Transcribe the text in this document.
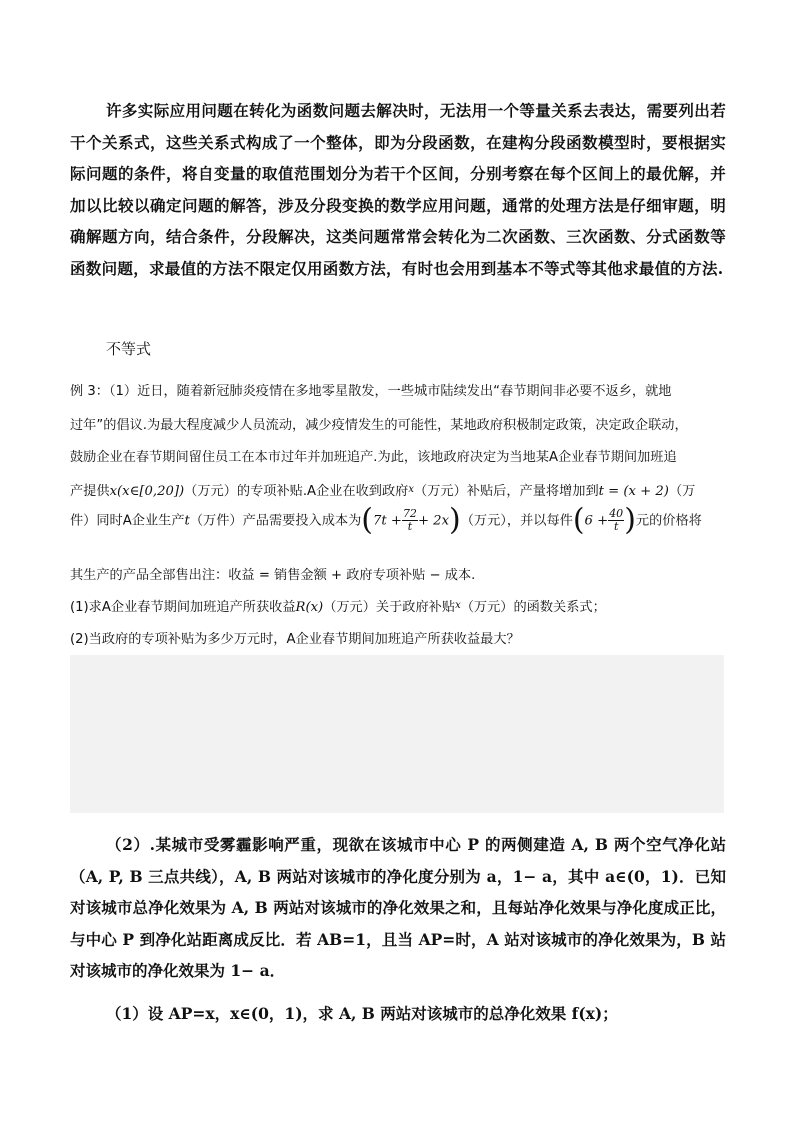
许多实际应用问题在转化为函数问题去解决时，无法用一个等量关系去表达，需要列出若干个关系式，这些关系式构成了一个整体，即为分段函数，在建构分段函数模型时，要根据实际问题的条件，将自变量的取值范围划分为若干个区间，分别考察在每个区间上的最优解，并加以比较以确定问题的解答，涉及分段变换的数学应用问题，通常的处理方法是仔细审题，明确解题方向，结合条件，分段解决，这类问题常常会转化为二次函数、三次函数、分式函数等函数问题，求最值的方法不限定仅用函数方法，有时也会用到基本不等式等其他求最值的方法.
不等式
例 3：（1）近日，随着新冠肺炎疫情在多地零星散发，一些城市陆续发出“春节期间非必要不返乡，就地
过年”的倡议.为最大程度减少人员流动，减少疫情发生的可能性，某地政府积极制定政策，决定政企联动，
鼓励企业在春节期间留住员工在本市过年并加班追产.为此，该地政府决定为当地某A企业春节期间加班追
产提供x(x∈[0,20])（万元）的专项补贴.A企业在收到政府$^x$（万元）补贴后，产量将增加到t = (x + 2)（万
件）同时A企业生产t（万件）产品需要投入成本为$(7t + \frac{72}{t} + 2x)$（万元），并以每件($6 + \frac{40}{t}$ )元的价格将
其生产的产品全部售出注：收益 = 销售金额 + 政府专项补贴 − 成本.
(1)求A企业春节期间加班追产所获收益R(x)（万元）关于政府补贴$^x$（万元）的函数关系式；
(2)当政府的专项补贴为多少万元时，A企业春节期间加班追产所获收益最大？
（2）.某城市受雾霾影响严重，现欲在该城市中心 P 的两侧建造 A, B 两个空气净化站（A, P, B 三点共线），A, B 两站对该城市的净化度分别为 a，1− a，其中 a∈(0，1)．已知对该城市总净化效果为 A, B 两站对该城市的净化效果之和，且每站净化效果与净化度成正比，与中心 P 到净化站距离成反比．若 AB=1，且当 AP=时，A 站对该城市的净化效果为，B 站对该城市的净化效果为 1− a．
（1）设 AP=x，x∈(0，1)，求 A, B 两站对该城市的总净化效果 f(x)；
